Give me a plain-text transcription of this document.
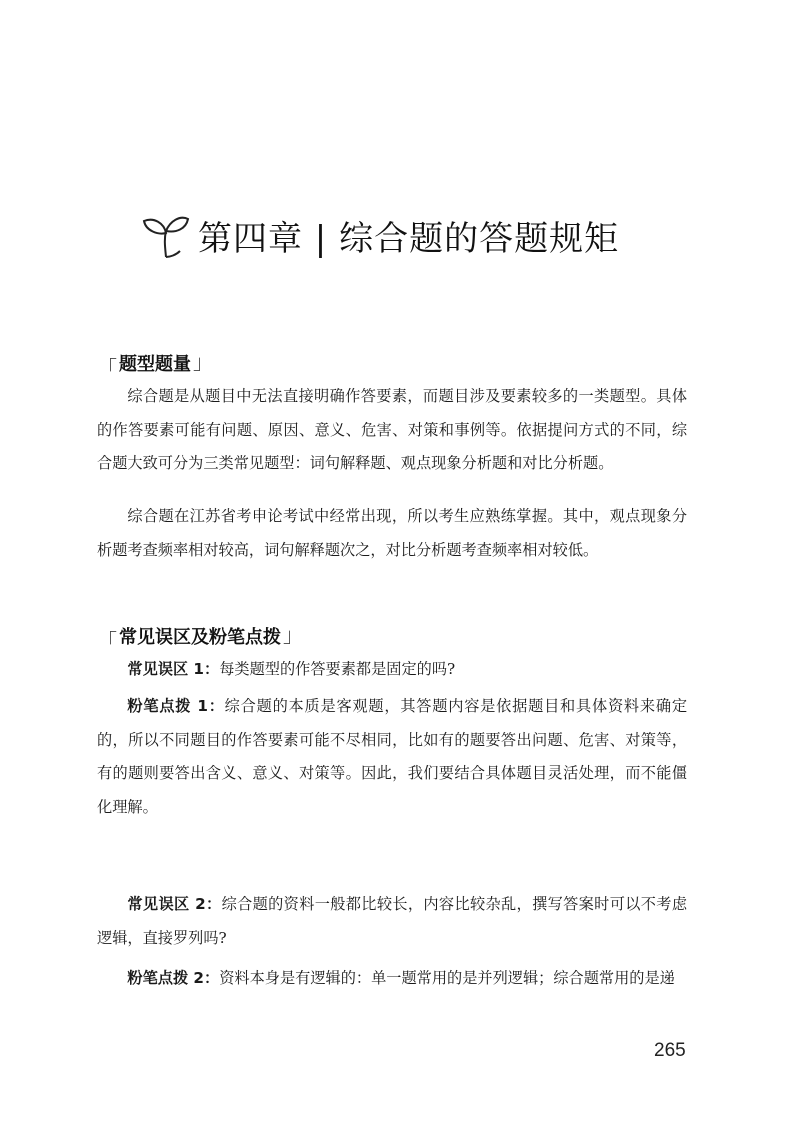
第四章 | 综合题的答题规矩
「 题型题量 」

综合题是从题目中无法直接明确作答要素，而题目涉及要素较多的一类题型。具体的作答要素可能有问题、原因、意义、危害、对策和事例等。依据提问方式的不同，综合题大致可分为三类常见题型：词句解释题、观点现象分析题和对比分析题。

综合题在江苏省考申论考试中经常出现，所以考生应熟练掌握。其中，观点现象分析题考查频率相对较高，词句解释题次之，对比分析题考查频率相对较低。

「 常见误区及粉笔点拨 」

常见误区 1：每类题型的作答要素都是固定的吗?

粉笔点拨 1：综合题的本质是客观题，其答题内容是依据题目和具体资料来确定的，所以不同题目的作答要素可能不尽相同，比如有的题要答出问题、危害、对策等，有的题则要答出含义、意义、对策等。因此，我们要结合具体题目灵活处理，而不能僵化理解。

常见误区 2：综合题的资料一般都比较长，内容比较杂乱，撰写答案时可以不考虑逻辑，直接罗列吗?

粉笔点拨 2：资料本身是有逻辑的：单一题常用的是并列逻辑；综合题常用的是递

265
